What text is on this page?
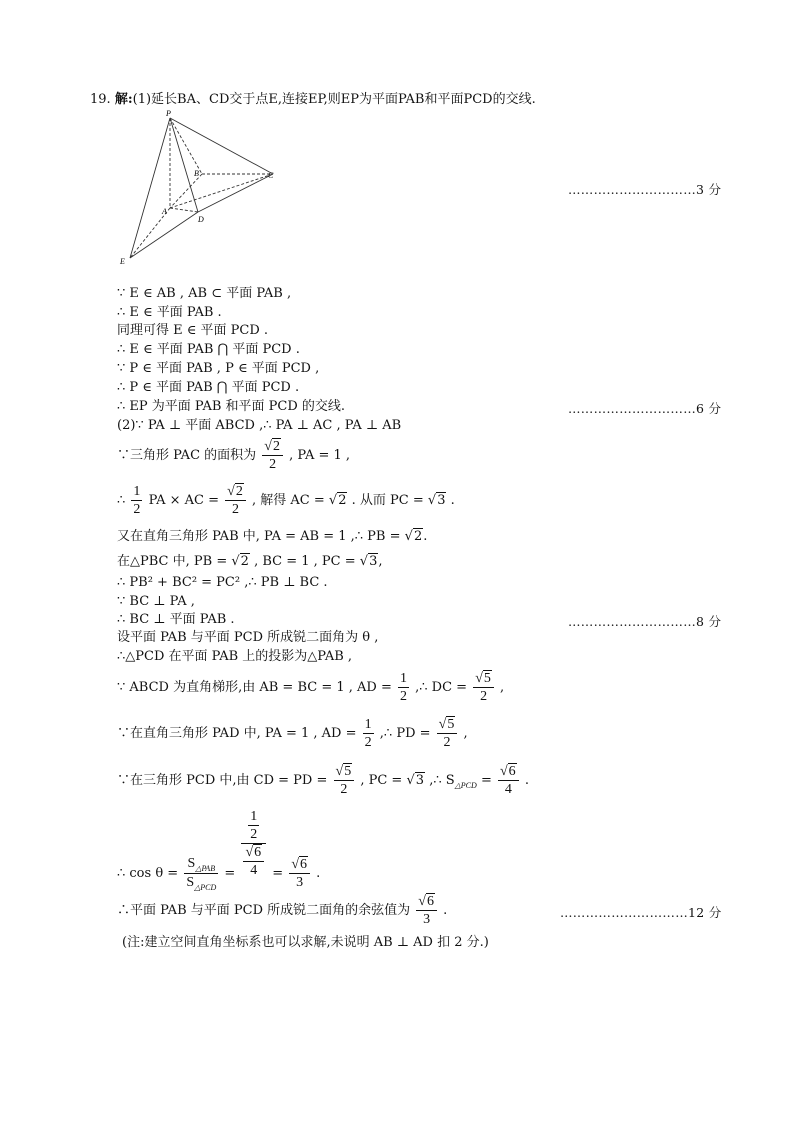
19. 解:(1)延长BA、CD交于点E,连接EP,则EP为平面PAB和平面PCD的交线.
P
B	C
A
D
E
…………………………3 分
…………………………6 分
…………………………8 分
…………………………12 分
∵ E ∈ AB , AB ⊂ 平面 PAB ,
∴ E ∈ 平面 PAB .
同理可得 E ∈ 平面 PCD .
∴ E ∈ 平面 PAB ⋂ 平面 PCD .
∵ P ∈ 平面 PAB , P ∈ 平面 PCD ,
∴ P ∈ 平面 PAB ⋂ 平面 PCD .
∴ EP 为平面 PAB 和平面 PCD 的交线.
(2)∵ PA ⊥ 平面 ABCD ,∴ PA ⊥ AC , PA ⊥ AB
∵三角形 PAC 的面积为 $\frac{√2}{2}$ , PA = 1 ,
∴ $\frac{1}{2}$ PA × AC = $\frac{√2}{2}$ , 解得 AC = √2 . 从而 PC = √3 .
又在直角三角形 PAB 中, PA = AB = 1 ,∴ PB = √2.
在△PBC 中, PB = √2 , BC = 1 , PC = √3,
∴ PB² + BC² = PC² ,∴ PB ⊥ BC .
∵ BC ⊥ PA ,
∴ BC ⊥ 平面 PAB .
设平面 PAB 与平面 PCD 所成锐二面角为 θ ,
∴△PCD 在平面 PAB 上的投影为△PAB ,
∵ ABCD 为直角梯形,由 AB = BC = 1 , AD = $\frac{1}{2}$ ,∴ DC = $\frac{√5}{2}$ ,
∵在直角三角形 PAD 中, PA = 1 , AD = $\frac{1}{2}$ ,∴ PD = $\frac{√5}{2}$ ,
∵在三角形 PCD 中,由 CD = PD = $\frac{√5}{2}$ , PC = √3 ,∴ $S_{\triangle PCD} = \frac{√6}{4}$ .
∴ $\cos \theta = \frac{S_{\triangle PAB}}{S_{\triangle PCD}} = \frac{\frac{1}{2}}{\frac{√6}{4}} = \frac{√6}{3}$ .
∴平面 PAB 与平面 PCD 所成锐二面角的余弦值为 $\frac{√6}{3}$ .
(注:建立空间直角坐标系也可以求解,未说明 AB ⊥ AD 扣 2 分.)
